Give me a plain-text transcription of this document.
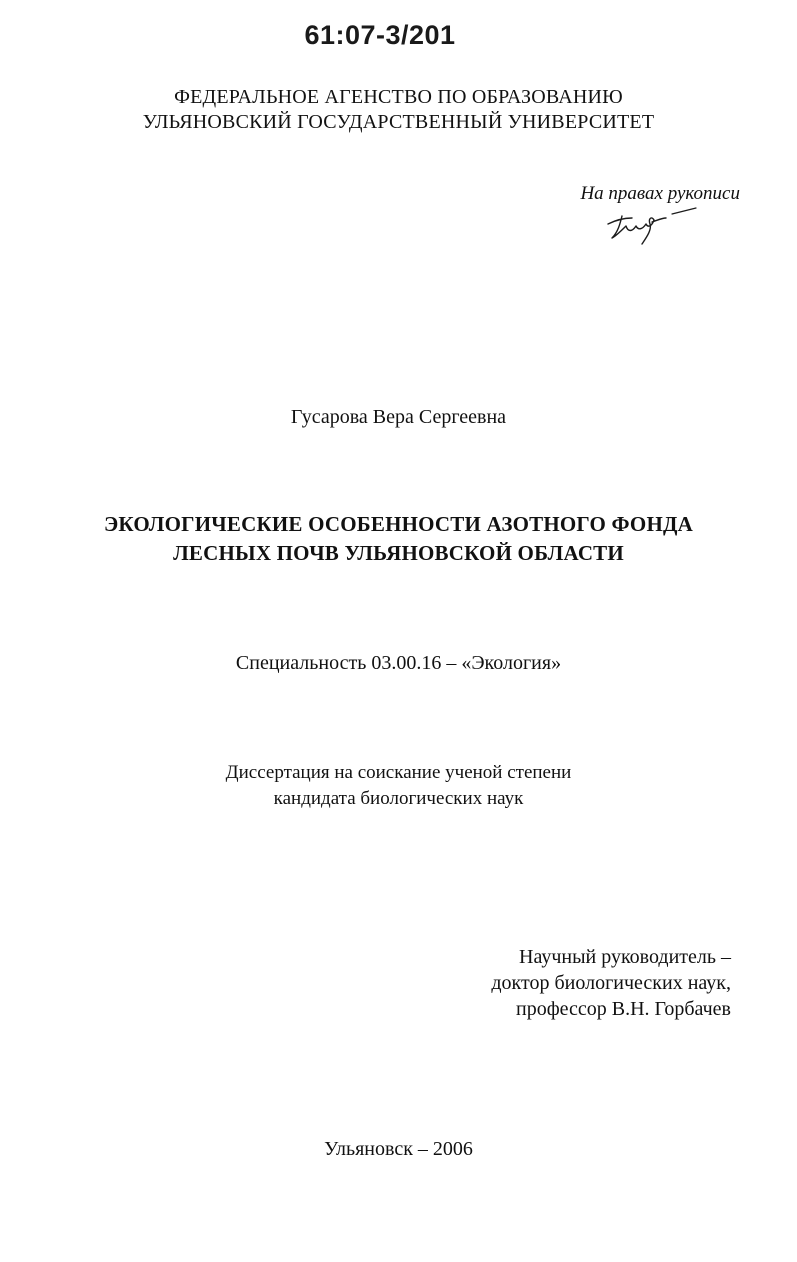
61:07-3/201
ФЕДЕРАЛЬНОЕ АГЕНСТВО ПО ОБРАЗОВАНИЮ
УЛЬЯНОВСКИЙ ГОСУДАРСТВЕННЫЙ УНИВЕРСИТЕТ
На правах рукописи
Гусарова Вера Сергеевна
ЭКОЛОГИЧЕСКИЕ ОСОБЕННОСТИ АЗОТНОГО ФОНДА
ЛЕСНЫХ ПОЧВ УЛЬЯНОВСКОЙ ОБЛАСТИ
Специальность 03.00.16 – «Экология»
Диссертация на соискание ученой степени
кандидата биологических наук
Научный руководитель –
доктор биологических наук,
профессор В.Н. Горбачев
Ульяновск – 2006
